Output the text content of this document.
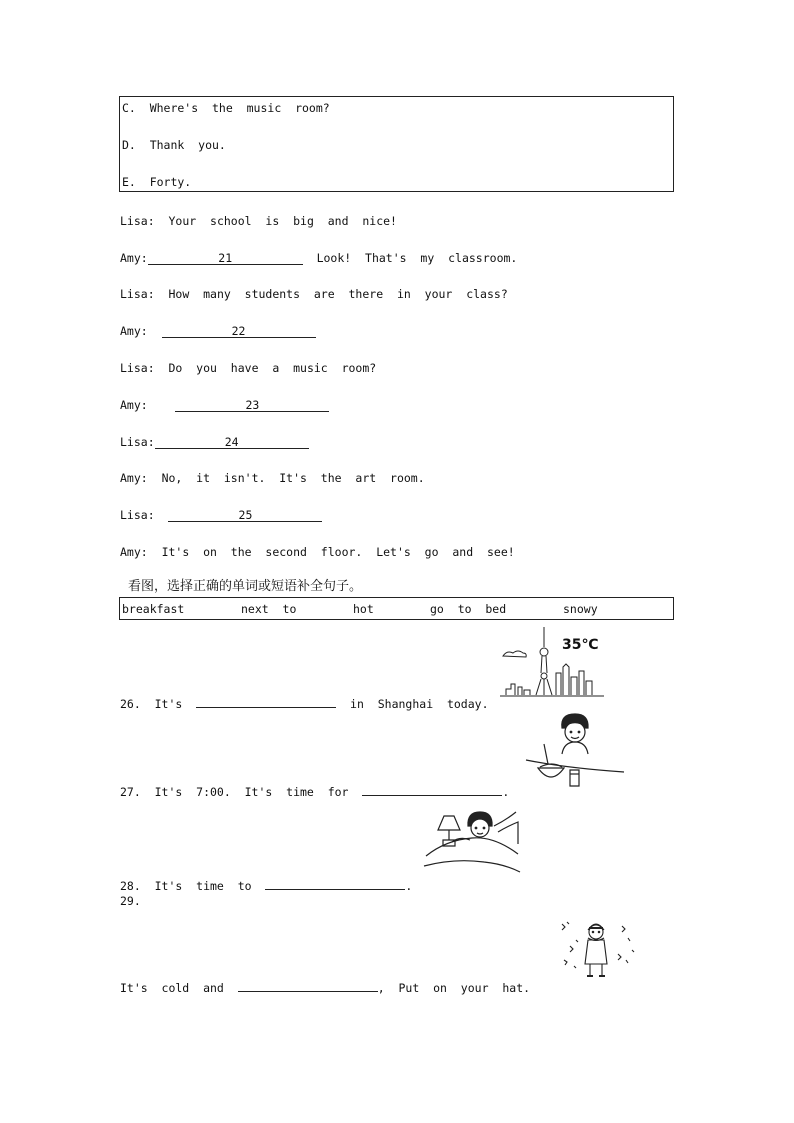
C.  Where's  the  music  room?
D.  Thank  you.
E.  Forty.
Lisa: Your  school  is  big  and  nice!
Amy:	21	Look!  That's  my  classroom.
Lisa: How  many  students  are  there  in  your  class?
Amy:	22
Lisa: Do  you  have  a  music  room?
Amy:	23
Lisa:	24
Amy: No,  it  isn't.  It's  the  art  room.
Lisa:	25
Amy: It's  on  the  second  floor.  Let's  go  and  see!
看图，选择正确的单词或短语补全句子。
breakfast	next  to	hot	go  to  bed	snowy
35℃
26.  It's	in  Shanghai  today.
27.  It's  7:00.  It's  time  for	.
28.  It's  time  to	.
29.
It's  cold  and	,  Put  on  your  hat.
